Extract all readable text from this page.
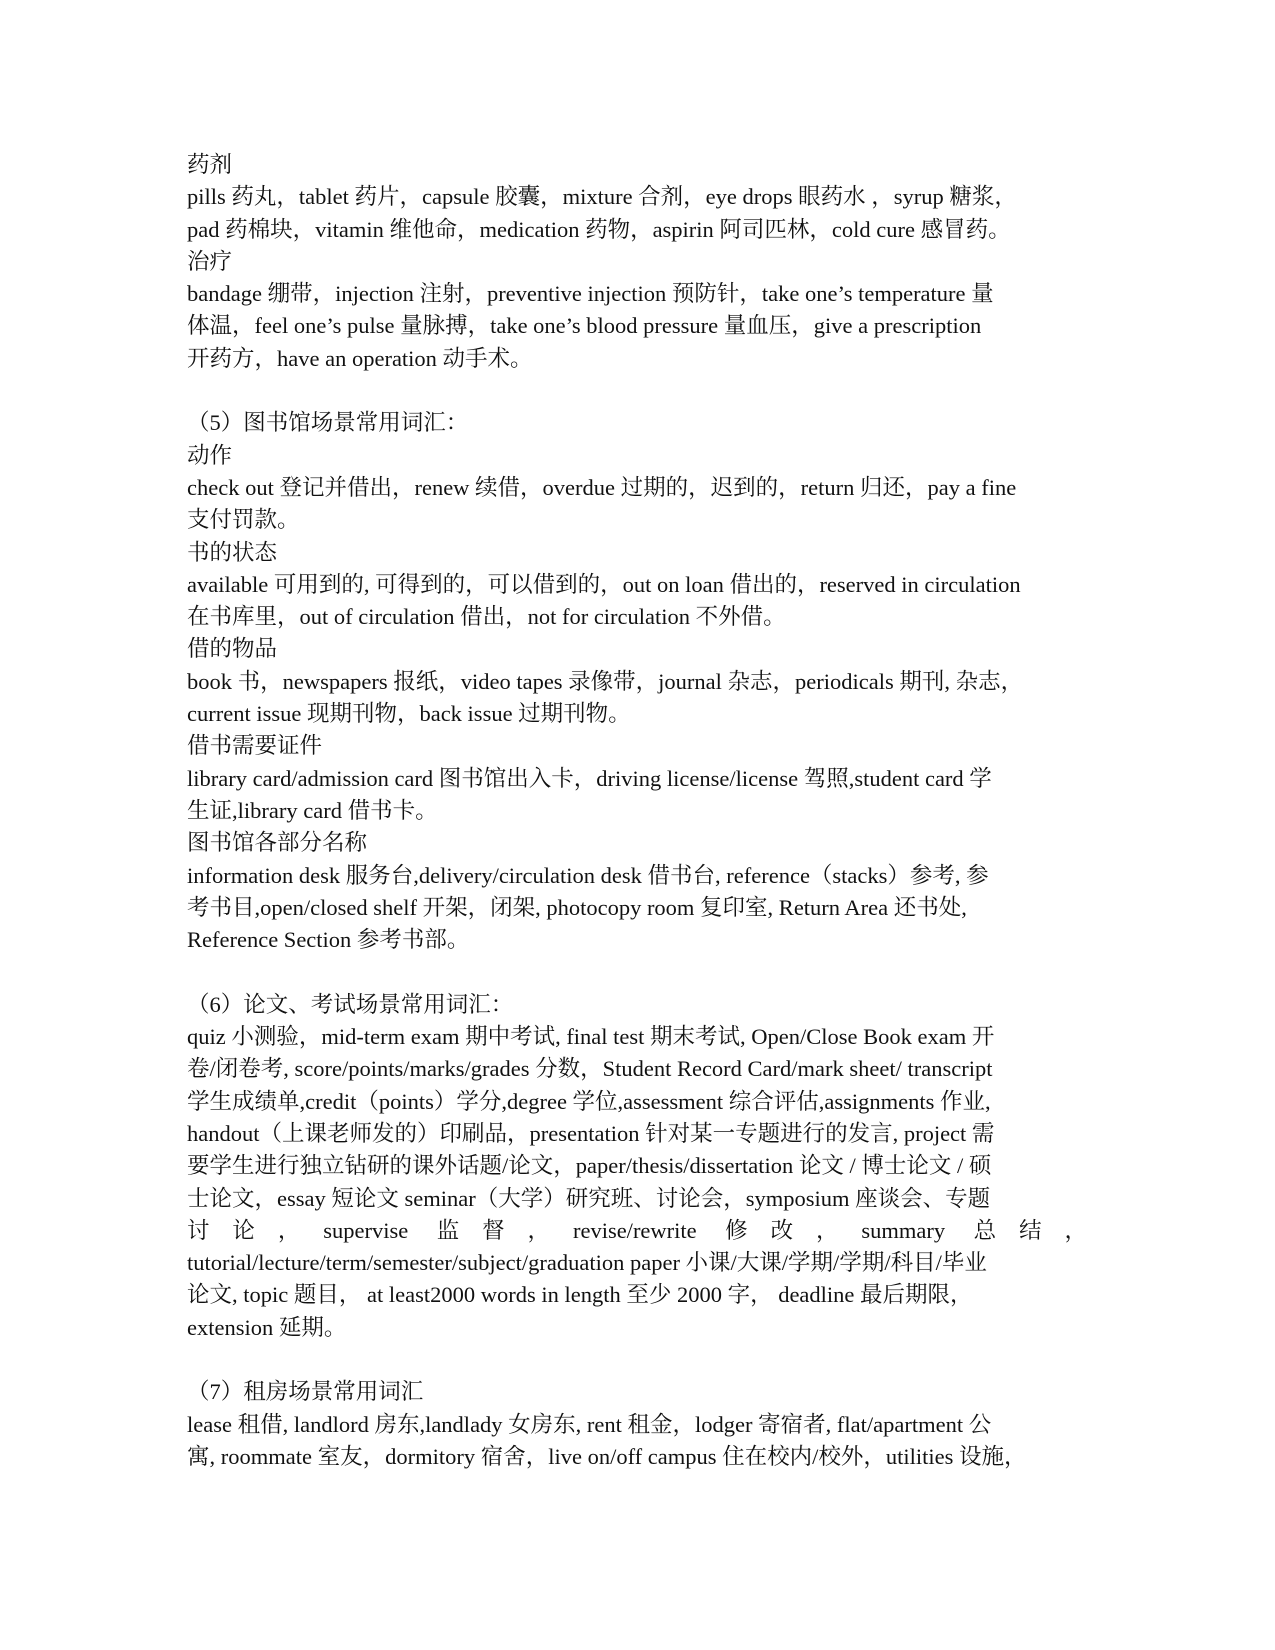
药剂
pills 药丸，tablet 药片，capsule 胶囊，mixture 合剂，eye drops 眼药水 ，syrup 糖浆，
pad 药棉块，vitamin 维他命，medication 药物，aspirin 阿司匹林，cold cure 感冒药。
治疗
bandage 绷带，injection 注射，preventive injection 预防针，take one’s temperature 量
体温，feel one’s pulse 量脉搏，take one’s blood pressure 量血压，give a prescription
开药方，have an operation 动手术。
（5）图书馆场景常用词汇：
动作
check out 登记并借出，renew 续借，overdue 过期的，迟到的，return 归还，pay a fine
支付罚款。
书的状态
available 可用到的, 可得到的，可以借到的，out on loan 借出的，reserved in circulation
在书库里，out of circulation 借出，not for circulation 不外借。
借的物品
book 书，newspapers 报纸，video tapes 录像带，journal 杂志，periodicals 期刊, 杂志，
current issue 现期刊物，back issue 过期刊物。
借书需要证件
library card/admission card 图书馆出入卡，driving license/license 驾照,student card 学
生证,library card 借书卡。
图书馆各部分名称
information desk 服务台,delivery/circulation desk 借书台, reference（stacks）参考, 参
考书目,open/closed shelf 开架，闭架, photocopy room 复印室, Return Area 还书处,
Reference Section 参考书部。
（6）论文、考试场景常用词汇：
quiz 小测验，mid-term exam 期中考试, final test 期末考试, Open/Close Book exam 开
卷/闭卷考, score/points/marks/grades 分数，Student Record Card/mark sheet/ transcript
学生成绩单,credit（points）学分,degree 学位,assessment 综合评估,assignments 作业,
handout（上课老师发的）印刷品，presentation 针对某一专题进行的发言, project 需
要学生进行独立钻研的课外话题/论文，paper/thesis/dissertation 论文 / 博士论文 / 硕
士论文，essay 短论文 seminar（大学）研究班、讨论会，symposium 座谈会、专题
讨论，supervise 监督，revise/rewrite 修改，summary 总结，
tutorial/lecture/term/semester/subject/graduation paper 小课/大课/学期/学期/科目/毕业
论文, topic 题目， at least2000 words in length 至少 2000 字， deadline 最后期限，
extension 延期。
（7）租房场景常用词汇
lease 租借, landlord 房东,landlady 女房东, rent 租金，lodger 寄宿者, flat/apartment 公
寓, roommate 室友，dormitory 宿舍，live on/off campus 住在校内/校外，utilities 设施，
